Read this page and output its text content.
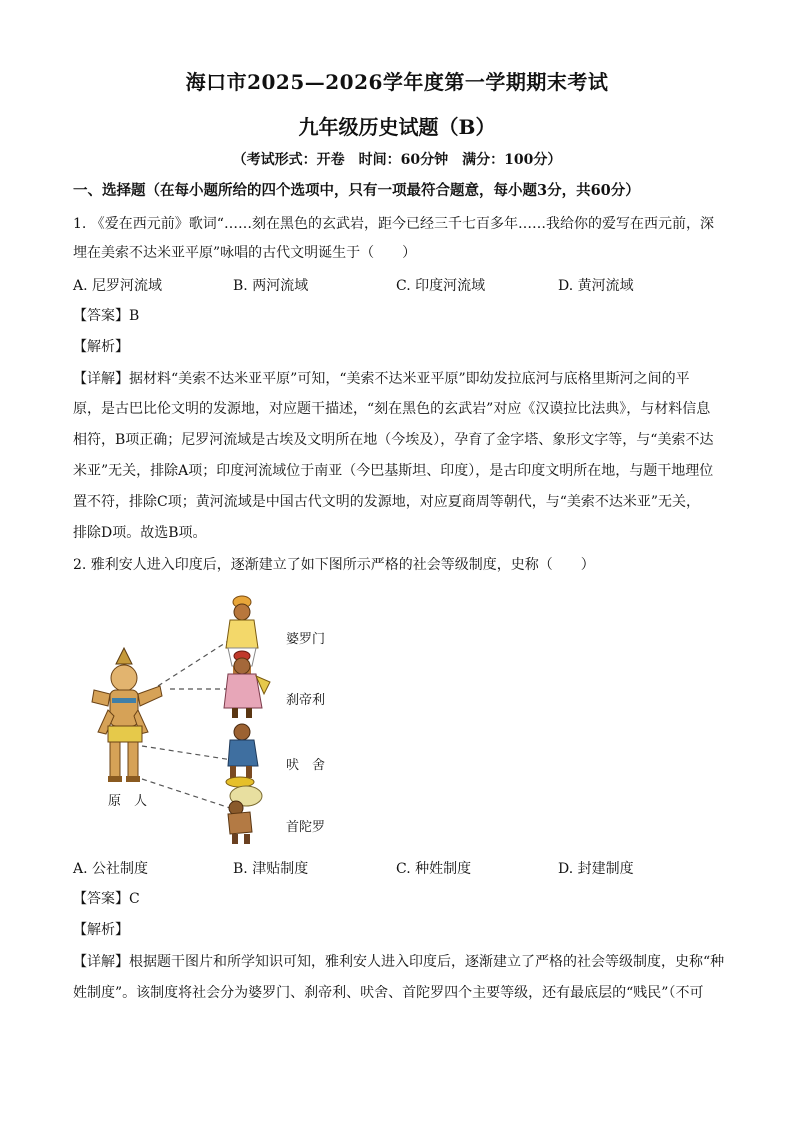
海口市2025—2026学年度第一学期期末考试
九年级历史试题（B）
（考试形式：开卷　时间：60分钟　满分：100分）
一、选择题（在每小题所给的四个选项中，只有一项最符合题意，每小题3分，共60分）
1. 《爱在西元前》歌词“……刻在黑色的玄武岩，距今已经三千七百多年……我给你的爱写在西元前，深
埋在美索不达米亚平原”咏唱的古代文明诞生于（　　）
A. 尼罗河流域	B. 两河流域	C. 印度河流域	D. 黄河流域
【答案】B
【解析】
【详解】据材料“美索不达米亚平原”可知，“美索不达米亚平原”即幼发拉底河与底格里斯河之间的平
原，是古巴比伦文明的发源地，对应题干描述，“刻在黑色的玄武岩”对应《汉谟拉比法典》，与材料信息
相符，B项正确；尼罗河流域是古埃及文明所在地（今埃及），孕育了金字塔、象形文字等，与“美索不达
米亚”无关，排除A项；印度河流域位于南亚（今巴基斯坦、印度），是古印度文明所在地，与题干地理位
置不符，排除C项；黄河流域是中国古代文明的发源地，对应夏商周等朝代，与“美索不达米亚”无关，
排除D项。故选B项。
2. 雅利安人进入印度后，逐渐建立了如下图所示严格的社会等级制度，史称（　　）
婆罗门
刹帝利
吠　舍
首陀罗
原　人
A. 公社制度	B. 津贴制度	C. 种姓制度	D. 封建制度
【答案】C
【解析】
【详解】根据题干图片和所学知识可知，雅利安人进入印度后，逐渐建立了严格的社会等级制度，史称“种
姓制度”。该制度将社会分为婆罗门、刹帝利、吠舍、首陀罗四个主要等级，还有最底层的“贱民”（不可
